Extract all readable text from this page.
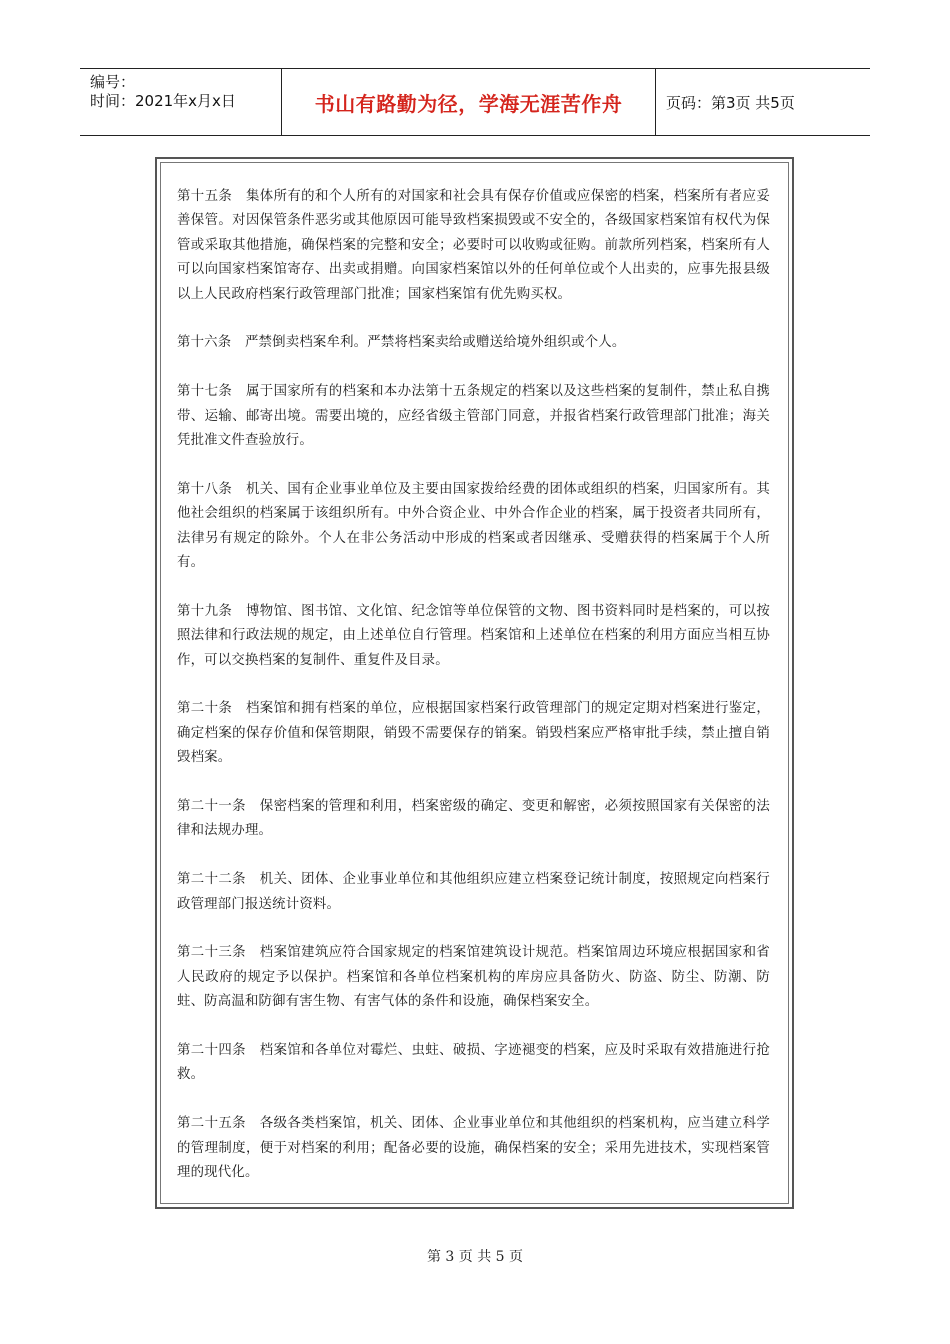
编号：
时间：2021年x月x日	书山有路勤为径，学海无涯苦作舟	页码：第3页 共5页

第十五条　集体所有的和个人所有的对国家和社会具有保存价值或应保密的档案，档案所有者应妥善保管。对因保管条件恶劣或其他原因可能导致档案损毁或不安全的，各级国家档案馆有权代为保管或采取其他措施，确保档案的完整和安全；必要时可以收购或征购。前款所列档案，档案所有人可以向国家档案馆寄存、出卖或捐赠。向国家档案馆以外的任何单位或个人出卖的，应事先报县级以上人民政府档案行政管理部门批准；国家档案馆有优先购买权。

第十六条　严禁倒卖档案牟利。严禁将档案卖给或赠送给境外组织或个人。

第十七条　属于国家所有的档案和本办法第十五条规定的档案以及这些档案的复制件，禁止私自携带、运输、邮寄出境。需要出境的，应经省级主管部门同意，并报省档案行政管理部门批准；海关凭批准文件查验放行。

第十八条　机关、国有企业事业单位及主要由国家拨给经费的团体或组织的档案，归国家所有。其他社会组织的档案属于该组织所有。中外合资企业、中外合作企业的档案，属于投资者共同所有，法律另有规定的除外。个人在非公务活动中形成的档案或者因继承、受赠获得的档案属于个人所有。

第十九条　博物馆、图书馆、文化馆、纪念馆等单位保管的文物、图书资料同时是档案的，可以按照法律和行政法规的规定，由上述单位自行管理。档案馆和上述单位在档案的利用方面应当相互协作，可以交换档案的复制件、重复件及目录。

第二十条　档案馆和拥有档案的单位，应根据国家档案行政管理部门的规定定期对档案进行鉴定，确定档案的保存价值和保管期限，销毁不需要保存的销案。销毁档案应严格审批手续，禁止擅自销毁档案。

第二十一条　保密档案的管理和利用，档案密级的确定、变更和解密，必须按照国家有关保密的法律和法规办理。

第二十二条　机关、团体、企业事业单位和其他组织应建立档案登记统计制度，按照规定向档案行政管理部门报送统计资料。

第二十三条　档案馆建筑应符合国家规定的档案馆建筑设计规范。档案馆周边环境应根据国家和省人民政府的规定予以保护。档案馆和各单位档案机构的库房应具备防火、防盗、防尘、防潮、防蛀、防高温和防御有害生物、有害气体的条件和设施，确保档案安全。

第二十四条　档案馆和各单位对霉烂、虫蛀、破损、字迹褪变的档案，应及时采取有效措施进行抢救。

第二十五条　各级各类档案馆，机关、团体、企业事业单位和其他组织的档案机构，应当建立科学的管理制度，便于对档案的利用；配备必要的设施，确保档案的安全；采用先进技术，实现档案管理的现代化。

第 3 页 共 5 页
